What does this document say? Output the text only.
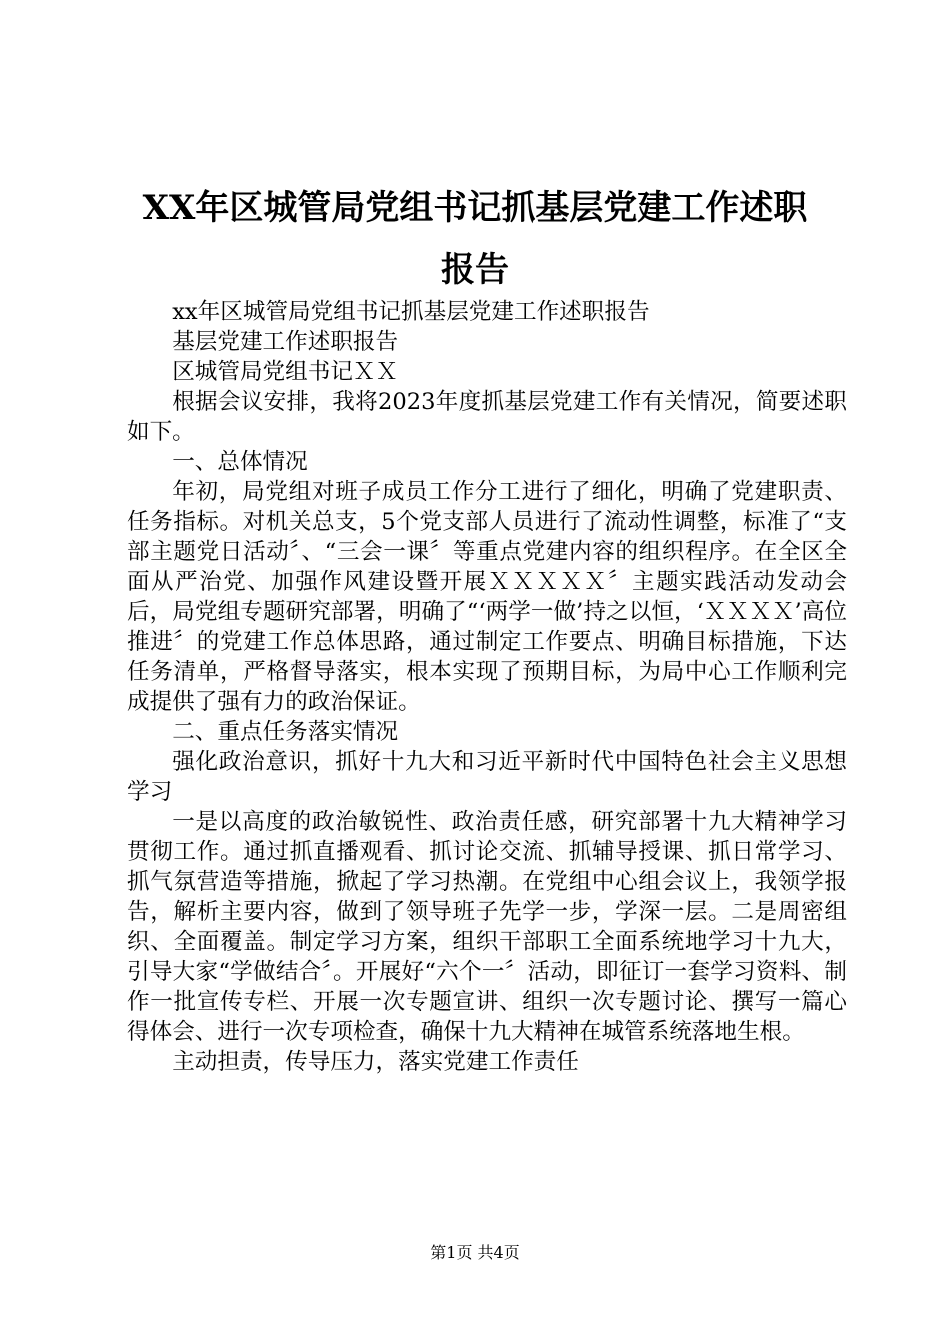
XX年区城管局党组书记抓基层党建工作述职
报告

xx年区城管局党组书记抓基层党建工作述职报告

基层党建工作述职报告

区城管局党组书记ＸＸ

根据会议安排，我将2023年度抓基层党建工作有关情况，简要述职如下。

一、总体情况

年初，局党组对班子成员工作分工进行了细化，明确了党建职责、任务指标。对机关总支，5个党支部人员进行了流动性调整，标准了“支部主题党日活动〞、“三会一课〞等重点党建内容的组织程序。在全区全面从严治党、加强作风建设暨开展ＸＸＸＸＸ〞主题实践活动发动会后，局党组专题研究部署，明确了“‘两学一做’持之以恒，‘ＸＸＸＸ’高位推进〞的党建工作总体思路，通过制定工作要点、明确目标措施，下达任务清单，严格督导落实，根本实现了预期目标，为局中心工作顺利完成提供了强有力的政治保证。

二、重点任务落实情况

强化政治意识，抓好十九大和习近平新时代中国特色社会主义思想学习

一是以高度的政治敏锐性、政治责任感，研究部署十九大精神学习贯彻工作。通过抓直播观看、抓讨论交流、抓辅导授课、抓日常学习、抓气氛营造等措施，掀起了学习热潮。在党组中心组会议上，我领学报告，解析主要内容，做到了领导班子先学一步，学深一层。二是周密组织、全面覆盖。制定学习方案，组织干部职工全面系统地学习十九大，引导大家“学做结合〞。开展好“六个一〞活动，即征订一套学习资料、制作一批宣传专栏、开展一次专题宣讲、组织一次专题讨论、撰写一篇心得体会、进行一次专项检查，确保十九大精神在城管系统落地生根。

主动担责，传导压力，落实党建工作责任

第1页 共4页
